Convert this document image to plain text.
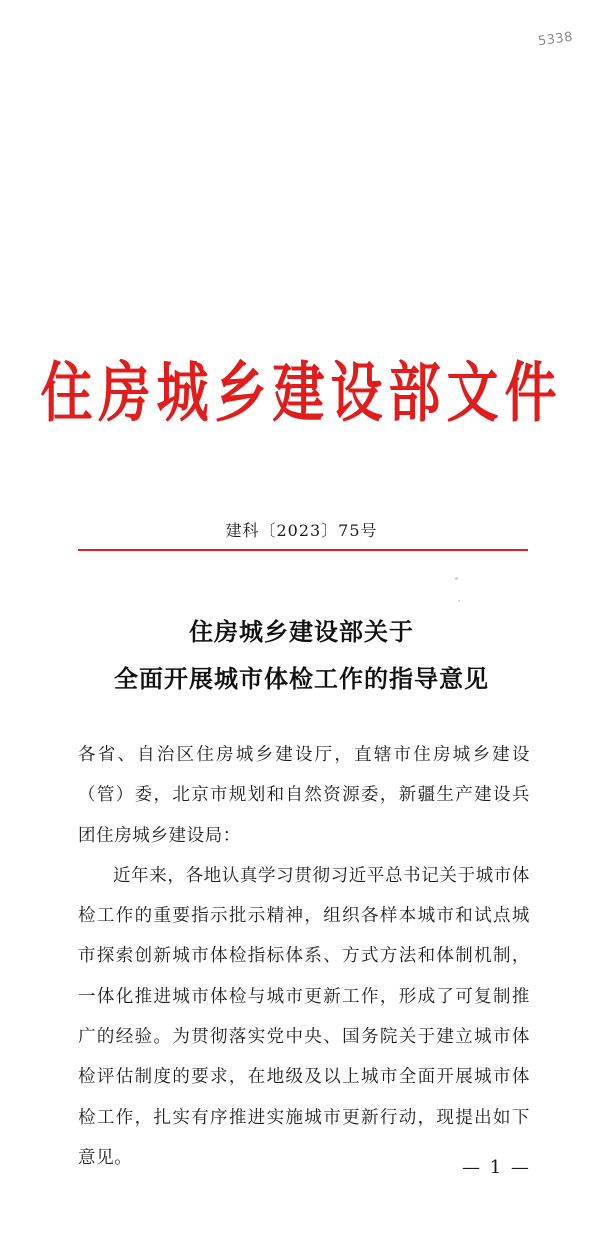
5338
住房城乡建设部文件
建科〔2023〕75号
住房城乡建设部关于
全面开展城市体检工作的指导意见

各省、自治区住房城乡建设厅，直辖市住房城乡建设（管）委，北京市规划和自然资源委，新疆生产建设兵团住房城乡建设局：

近年来，各地认真学习贯彻习近平总书记关于城市体检工作的重要指示批示精神，组织各样本城市和试点城市探索创新城市体检指标体系、方式方法和体制机制，一体化推进城市体检与城市更新工作，形成了可复制推广的经验。为贯彻落实党中央、国务院关于建立城市体检评估制度的要求，在地级及以上城市全面开展城市体检工作，扎实有序推进实施城市更新行动，现提出如下意见。	— 1 —
